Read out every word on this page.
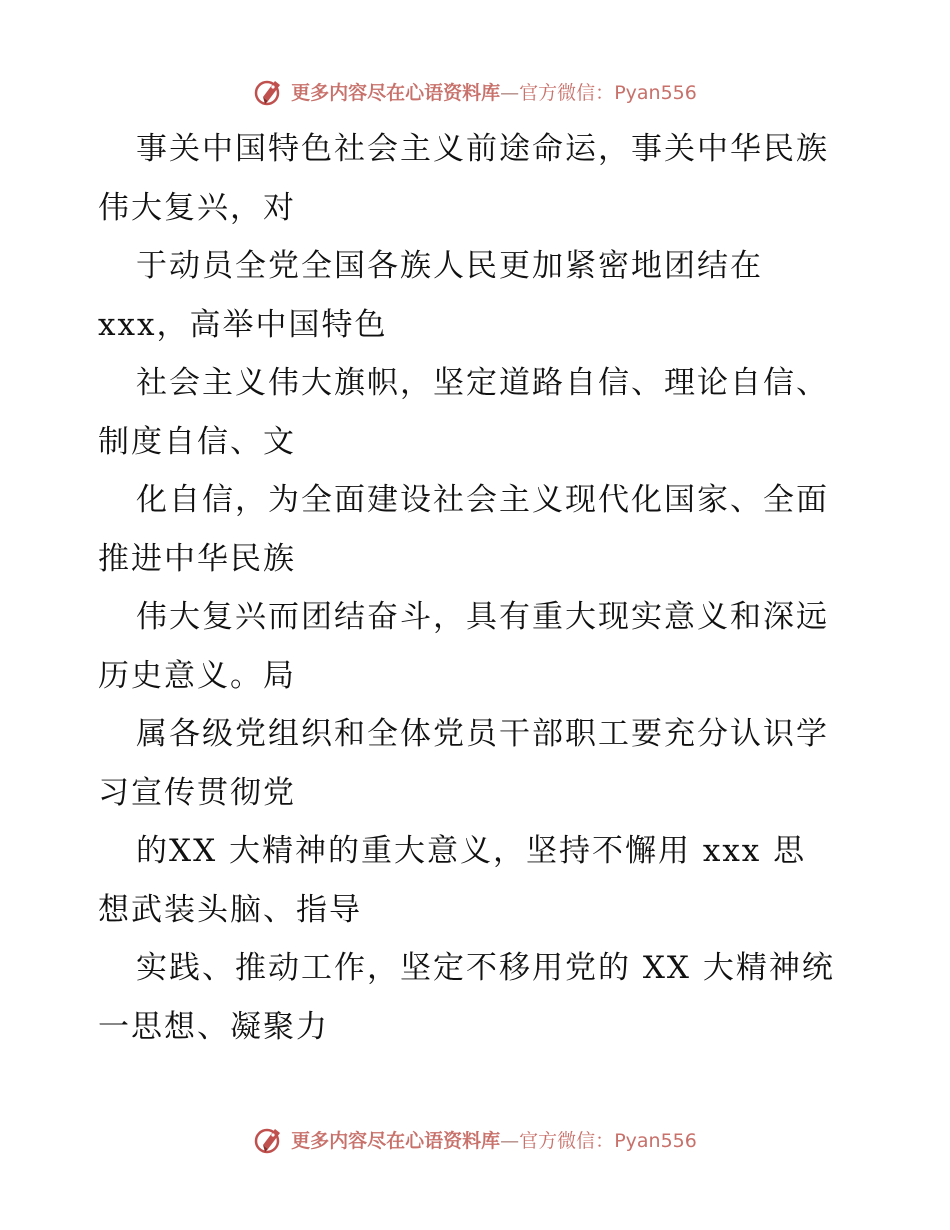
更多内容尽在心语资料库—官方微信：Pyan556

事关中国特色社会主义前途命运，事关中华民族
伟大复兴，对

于动员全党全国各族人民更加紧密地团结在
xxx，高举中国特色

社会主义伟大旗帜，坚定道路自信、理论自信、
制度自信、文

化自信，为全面建设社会主义现代化国家、全面
推进中华民族

伟大复兴而团结奋斗，具有重大现实意义和深远
历史意义。局

属各级党组织和全体党员干部职工要充分认识学
习宣传贯彻党

的XX 大精神的重大意义，坚持不懈用 xxx 思
想武装头脑、指导

实践、推动工作，坚定不移用党的 XX 大精神统
一思想、凝聚力

更多内容尽在心语资料库—官方微信：Pyan556
